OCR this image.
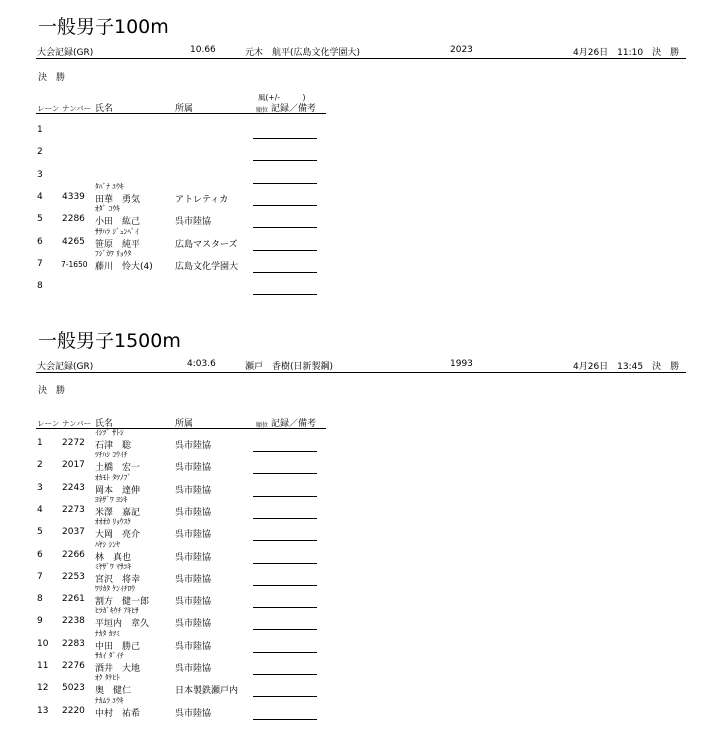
一般男子100m
大会記録(GR)	10.66	元木　航平(広島文化学園大)	2023	4月26日　11:10　決　勝
決　勝
風(+/-　　　)
レーン ナンバー 氏名	所属	順位 記録／備考
1
2
3
ﾀﾊﾞﾅ ﾕｳｷ
4 4339 田華　勇気	アトレティカ
ｵﾀﾞ ｺｳｷ
5 2286 小田　紘己	呉市陸協
ｻｻﾊﾗ ｼﾞｭﾝﾍﾟｲ
6 4265 笹原　純平	広島マスターズ
ﾌｼﾞｶﾜ ﾘｮｳﾀ
7 7-1650 藤川　怜大(4) 広島文化学園大
8
一般男子1500m
大会記録(GR)	4:03.6	瀬戸　香樹(日新製鋼)	1993	4月26日　13:45　決　勝
決　勝
レーン ナンバー 氏名	所属	順位 記録／備考
ｲｼﾂﾞ ｻﾄｼ
1 2272 石津　聡	呉市陸協
ﾂﾁﾊｼ ｺｳｲﾁ
2 2017 土橋　宏一	呉市陸協
ｵｶﾓﾄ ﾀﾂﾉﾌﾞ
3 2243 岡本　達伸	呉市陸協
ﾖﾈｻﾞﾜ ﾖｼｷ
4 2273 米澤　嘉記	呉市陸協
ｵｵｵｶ ﾘｮｳｽｹ
5 2037 大岡　亮介	呉市陸協
ﾊﾔｼ ｼﾝﾔ
6 2266 林　真也	呉市陸協
ﾐﾔｻﾞﾜ ﾏｻﾕｷ
7 2253 宮沢　将幸	呉市陸協
ﾜﾘｶﾀ ｹﾝｲﾁﾛｳ
8 2261 割方　健一郎	呉市陸協
ﾋﾗｶﾞｷｳﾁ ｱｷﾋｻ
9 2238 平垣内　章久	呉市陸協
ﾅｶﾀ ｶﾂﾐ
10 2283 中田　勝己	呉市陸協
ｻｶｲ ﾀﾞｲﾁ
11 2276 酒井　大地	呉市陸協
ｵｸ ﾀｹﾋﾄ
12 5023 奥　健仁	日本製鉄瀬戸内
ﾅｶﾑﾗ ﾕｳｷ
13 2220 中村　祐希	呉市陸協
